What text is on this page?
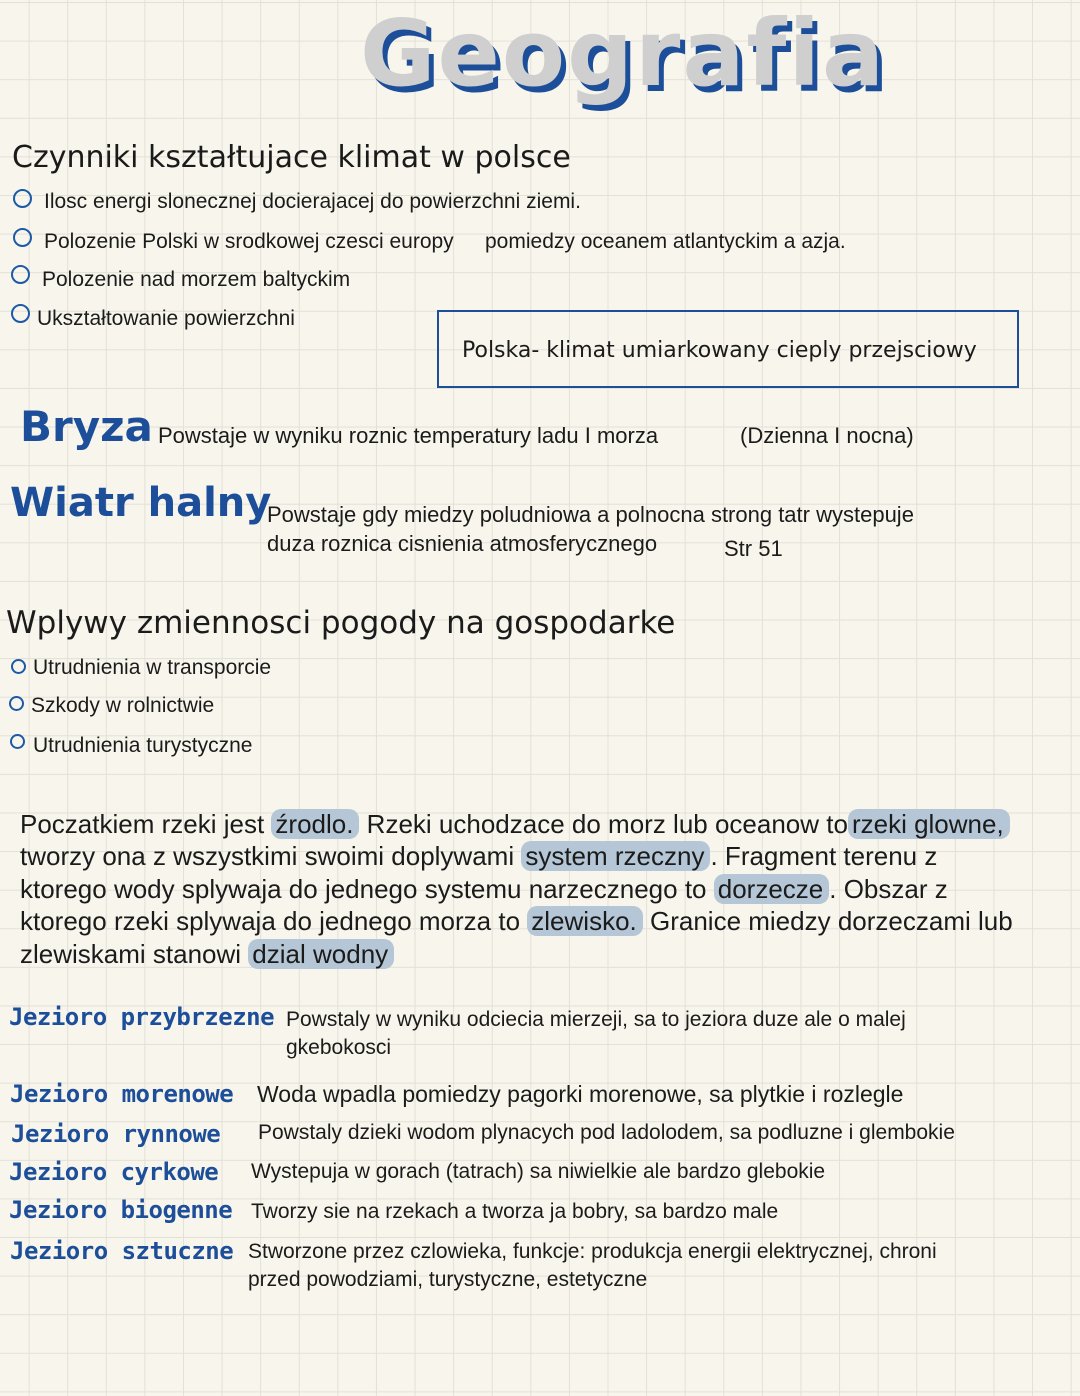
Geografia
Czynniki kształtujace klimat w polsce
Ilosc energi slonecznej docierajacej do powierzchni ziemi.
Polozenie Polski w srodkowej czesci europy pomiedzy oceanem atlantyckim a azja.
Polozenie nad morzem baltyckim
Ukształtowanie powierzchni
Polska- klimat umiarkowany cieply przejsciowy
Bryza Powstaje w wyniku roznic temperatury ladu I morza	(Dzienna I nocna)
Wiatr halny
Powstaje gdy miedzy poludniowa a polnocna strong tatr wystepuje
duza roznica cisnienia atmosferycznego	Str 51
Wplywy zmiennosci pogody na gospodarke
Utrudnienia w transporcie
Szkody w rolnictwie
Utrudnienia turystyczne
Poczatkiem rzeki jest źrodlo. Rzeki uchodzace do morz lub oceanow to rzeki glowne,
tworzy ona z wszystkimi swoimi doplywami system rzeczny . Fragment terenu z
ktorego wody splywaja do jednego systemu narzecznego to dorzecze . Obszar z
ktorego rzeki splywaja do jednego morza to zlewisko. Granice miedzy dorzeczami lub
zlewiskami stanowi dzial wodny
Jezioro przybrzezne Powstaly w wyniku odciecia mierzeji, sa to jeziora duze ale o malej
gkebokosci
Jezioro morenowe Woda wpadla pomiedzy pagorki morenowe, sa plytkie i rozlegle
Jezioro rynnowe Powstaly dzieki wodom plynacych pod ladolodem, sa podluzne i glembokie
Jezioro cyrkowe Wystepuja w gorach (tatrach) sa niwielkie ale bardzo glebokie
Jezioro biogenne Tworzy sie na rzekach a tworza ja bobry, sa bardzo male
Jezioro sztuczne Stworzone przez czlowieka, funkcje: produkcja energii elektrycznej, chroni
przed powodziami, turystyczne, estetyczne
